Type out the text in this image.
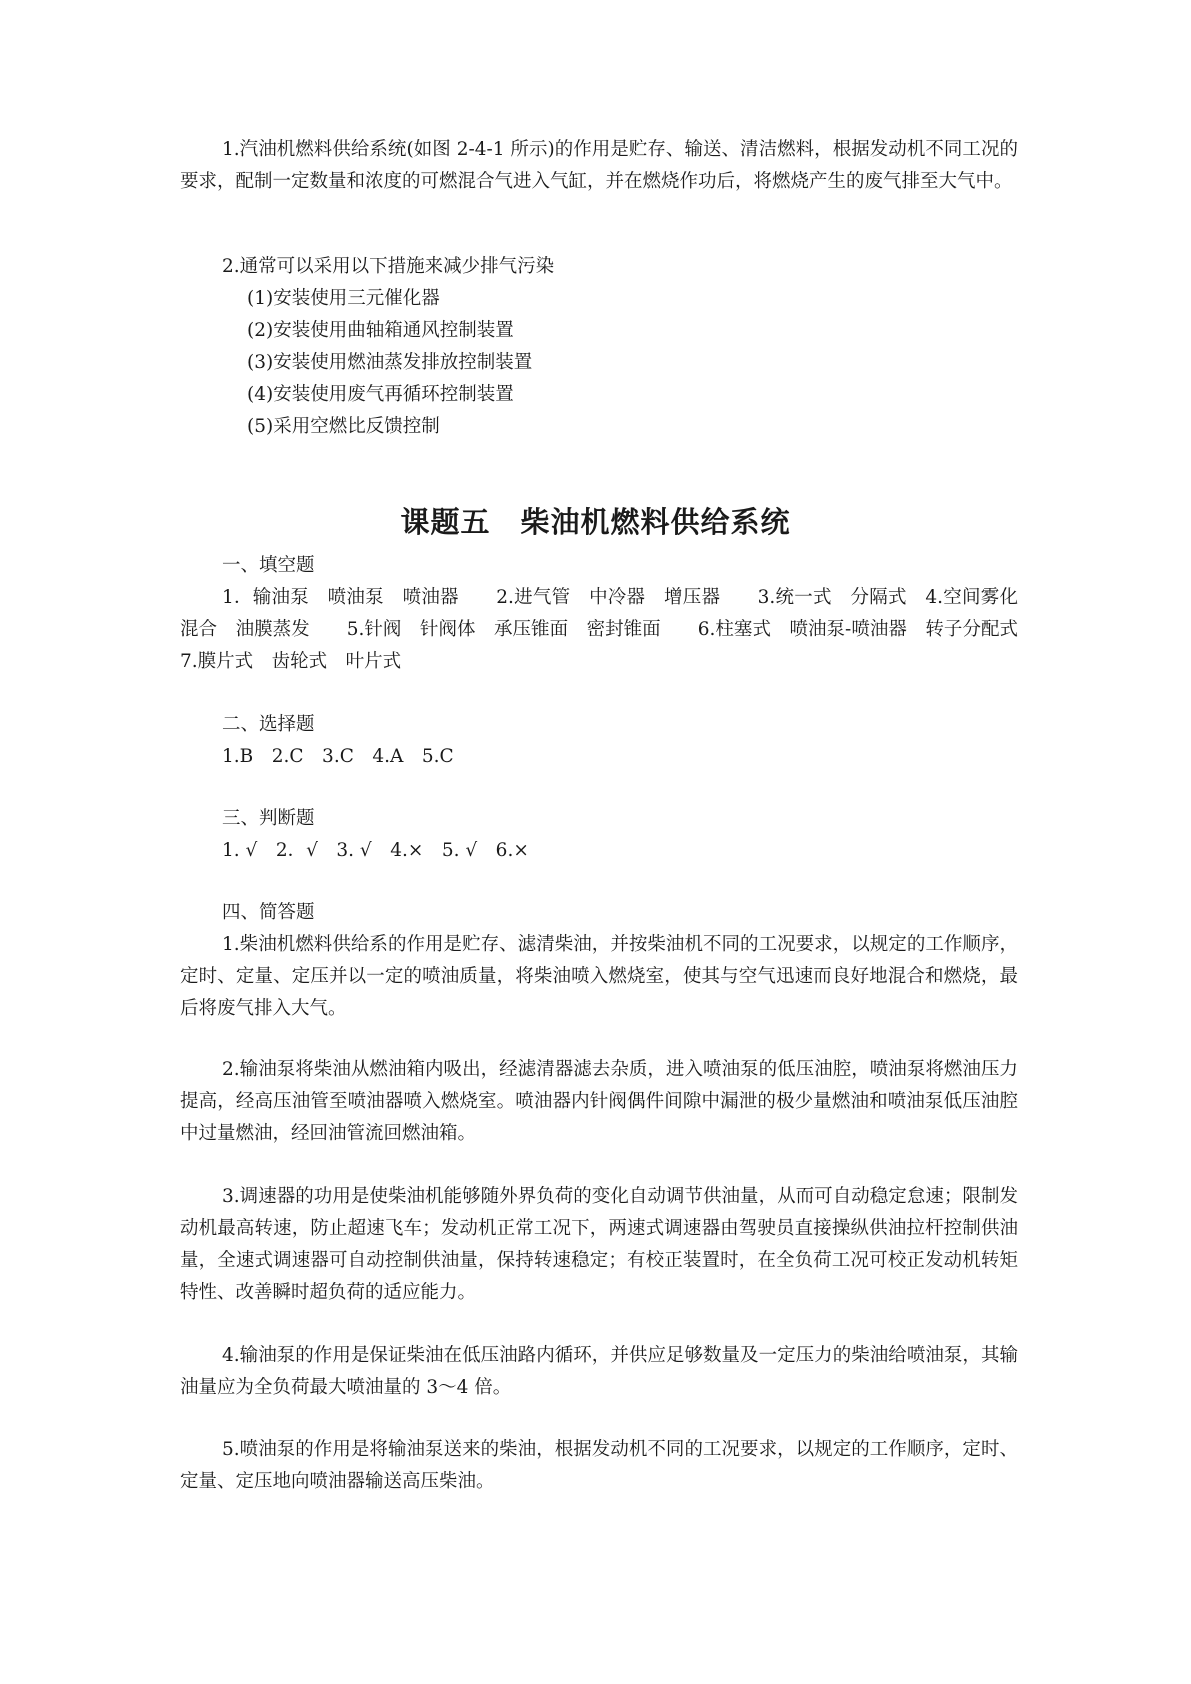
1.汽油机燃料供给系统(如图 2-4-1 所示)的作用是贮存、输送、清洁燃料，根据发动机不同工况的要求，配制一定数量和浓度的可燃混合气进入气缸，并在燃烧作功后，将燃烧产生的废气排至大气中。

2.通常可以采用以下措施来减少排气污染

(1)安装使用三元催化器

(2)安装使用曲轴箱通风控制装置

(3)安装使用燃油蒸发排放控制装置

(4)安装使用废气再循环控制装置

(5)采用空燃比反馈控制

课题五　柴油机燃料供给系统

一、填空题

1．输油泵　喷油泵　喷油器　　2.进气管　中冷器　增压器　　3.统一式　分隔式　4.空间雾化混合　油膜蒸发　　5.针阀　针阀体　承压锥面　密封锥面　　6.柱塞式　喷油泵-喷油器　转子分配式　　7.膜片式　齿轮式　叶片式

二、选择题

1.B　2.C　3.C　4.A　5.C

三、判断题

1. √　2．√　3. √　4.×　5. √　6.×

四、简答题

1.柴油机燃料供给系的作用是贮存、滤清柴油，并按柴油机不同的工况要求，以规定的工作顺序，定时、定量、定压并以一定的喷油质量，将柴油喷入燃烧室，使其与空气迅速而良好地混合和燃烧，最后将废气排入大气。

2.输油泵将柴油从燃油箱内吸出，经滤清器滤去杂质，进入喷油泵的低压油腔，喷油泵将燃油压力提高，经高压油管至喷油器喷入燃烧室。喷油器内针阀偶件间隙中漏泄的极少量燃油和喷油泵低压油腔中过量燃油，经回油管流回燃油箱。

3.调速器的功用是使柴油机能够随外界负荷的变化自动调节供油量，从而可自动稳定怠速；限制发动机最高转速，防止超速飞车；发动机正常工况下，两速式调速器由驾驶员直接操纵供油拉杆控制供油量，全速式调速器可自动控制供油量，保持转速稳定；有校正装置时，在全负荷工况可校正发动机转矩特性、改善瞬时超负荷的适应能力。

4.输油泵的作用是保证柴油在低压油路内循环，并供应足够数量及一定压力的柴油给喷油泵，其输油量应为全负荷最大喷油量的 3～4 倍。

5.喷油泵的作用是将输油泵送来的柴油，根据发动机不同的工况要求，以规定的工作顺序，定时、定量、定压地向喷油器输送高压柴油。
